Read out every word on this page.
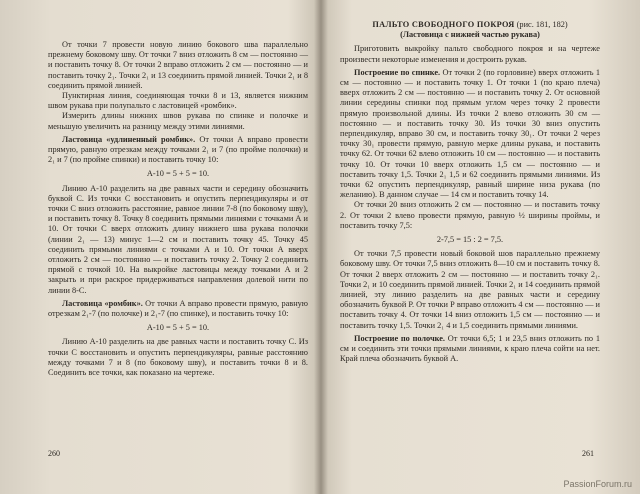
От точки 7 провести новую линию бокового шва параллельно прежнему боковому шву. От точки 7 вниз отложить 8 см — постоянно — и поставить точку 8. От точки 2 вправо отложить 2 см — постоянно — и поставить точку 2₁. Точки 2₁ и 13 соединить прямой линией. Точки 2₁ и 8 соединить прямой линией.

Пунктирная линия, соединяющая точки 8 и 13, является нижним швом рукава при полупальто с ластовицей «ромбик».

Измерить длины нижних швов рукава по спинке и полочке и меньшую увеличить на разницу между этими линиями.

Ластовица «удлиненный ромбик». От точки А вправо провести прямую, равную отрезкам между точками 2₁ и 7 (по пройме полочки) и 2₁ и 7 (по пройме спинки) и поставить точку 10:

А-10 = 5 + 5 = 10.

Линию А-10 разделить на две равных части и середину обозначить буквой С. Из точки С восстановить и опустить перпендикуляры и от точки С вниз отложить расстояние, равное линии 7-8 (по боковому шву), и поставить точку 8. Точку 8 соединить прямыми линиями с точками А и 10. От точки С вверх отложить длину нижнего шва рукава полочки (линии 2₁ — 13) минус 1—2 см и поставить точку 45. Точку 45 соединить прямыми линиями с точками А и 10. От точки А вверх отложить 2 см — постоянно — и поставить точку 2. Точку 2 соединить прямой с точкой 10. На выкройке ластовицы между точками А и 2 закрыть и при раскрое придерживаться направления долевой нити по линии 8-С.

Ластовица «ромбик». От точки А вправо провести прямую, равную отрезкам 2₁-7 (по полочке) и 2₁-7 (по спинке), и поставить точку 10:

А-10 = 5 + 5 = 10.

Линию А-10 разделить на две равных части и поставить точку С. Из точки С восстановить и опустить перпендикуляры, равные расстоянию между точками 7 и 8 (по боковому шву), и поставить точки 8 и 8. Соединить все точки, как показано на чертеже.

260

ПАЛЬТО СВОБОДНОГО ПОКРОЯ (рис. 181, 182)

(Ластовица с нижней частью рукава)

Приготовить выкройку пальто свободного покроя и на чертеже произвести некоторые изменения и достроить рукав.

Построение по спинке. От точки 2 (по горловине) вверх отложить 1 см — постоянно — и поставить точку 1. От точки 1 (по краю плеча) вверх отложить 2 см — постоянно — и поставить точку 2. От основной линии середины спинки под прямым углом через точку 2 провести прямую произвольной длины. Из точки 2 влево отложить 30 см — постоянно — и поставить точку 30. Из точки 30 вниз опустить перпендикуляр, вправо 30 см, и поставить точку 30₁. От точки 2 через точку 30₁ провести прямую, равную мерке длины рукава, и поставить точку 62. От точки 62 влево отложить 10 см — постоянно — и поставить точку 10. От точки 10 вверх отложить 1,5 см — постоянно — и поставить точку 1,5. Точки 2₁ 1,5 и 62 соединить прямыми линиями. Из точки 62 опустить перпендикуляр, равный ширине низа рукава (по желанию). В данном случае — 14 см и поставить точку 14.

От точки 20 вниз отложить 2 см — постоянно — и поставить точку 2. От точки 2 влево провести прямую, равную ½ ширины проймы, и поставить точку 7,5:

2-7,5 = 15 : 2 = 7,5.

От точки 7,5 провести новый боковой шов параллельно прежнему боковому шву. От точки 7,5 вниз отложить 8—10 см и поставить точку 8. От точки 2 вверх отложить 2 см — постоянно — и поставить точку 2₁. Точки 2₁ и 10 соединить прямой линией. Точки 2₁ и 14 соединить прямой линией, эту линию разделить на две равных части и середину обозначить буквой Р. От точки Р вправо отложить 4 см — постоянно — и поставить точку 4. От точки 14 вниз отложить 1,5 см — постоянно — и поставить точку 1,5. Точки 2₁ 4 и 1,5 соединить прямыми линиями.

Построение по полочке. От точки 6,5; 1 и 23,5 вниз отложить по 1 см и соединить эти точки прямыми линиями, к краю плеча сойти на нет. Край плеча обозначить буквой А.

261
PassionForum.ru
